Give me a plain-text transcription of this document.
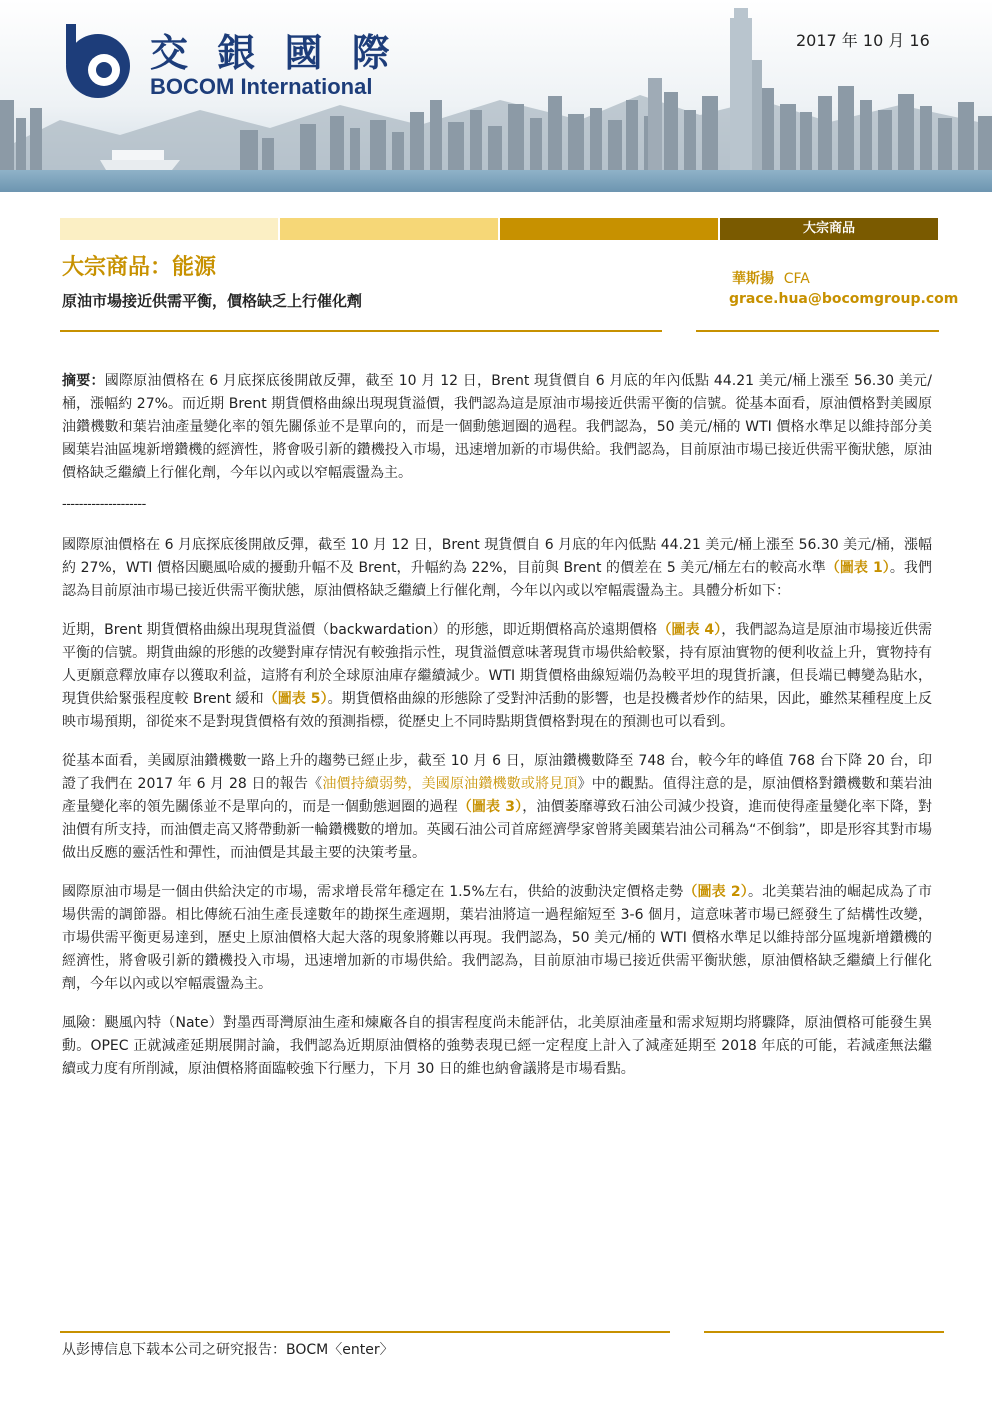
交 銀 國 際
BOCOM International
2017 年 10 月 16
大宗商品
大宗商品：能源
原油市場接近供需平衡，價格缺乏上行催化劑
華斯揚 CFA
grace.hua@bocomgroup.com

摘要：國際原油價格在 6 月底探底後開啟反彈，截至 10 月 12 日，Brent 現貨價自 6 月底的年內低點 44.21 美元/桶上漲至 56.30 美元/桶，漲幅約 27%。而近期 Brent 期貨價格曲線出現現貨溢價，我們認為這是原油市場接近供需平衡的信號。從基本面看，原油價格對美國原油鑽機數和葉岩油產量變化率的領先關係並不是單向的，而是一個動態迴圈的過程。我們認為，50 美元/桶的 WTI 價格水準足以維持部分美國葉岩油區塊新增鑽機的經濟性，將會吸引新的鑽機投入市場，迅速增加新的市場供給。我們認為，目前原油市場已接近供需平衡狀態，原油價格缺乏繼續上行催化劑，今年以內或以窄幅震盪為主。

--------------------

國際原油價格在 6 月底探底後開啟反彈，截至 10 月 12 日，Brent 現貨價自 6 月底的年內低點 44.21 美元/桶上漲至 56.30 美元/桶，漲幅約 27%，WTI 價格因颶風哈威的擾動升幅不及 Brent，升幅約為 22%，目前與 Brent 的價差在 5 美元/桶左右的較高水準（圖表 1）。我們認為目前原油市場已接近供需平衡狀態，原油價格缺乏繼續上行催化劑，今年以內或以窄幅震盪為主。具體分析如下：

近期，Brent 期貨價格曲線出現現貨溢價（backwardation）的形態，即近期價格高於遠期價格（圖表 4），我們認為這是原油市場接近供需平衡的信號。期貨曲線的形態的改變對庫存情況有較強指示性，現貨溢價意味著現貨市場供給較緊，持有原油實物的便利收益上升，實物持有人更願意釋放庫存以獲取利益，這將有利於全球原油庫存繼續減少。WTI 期貨價格曲線短端仍為較平坦的現貨折讓，但長端已轉變為貼水，現貨供給緊張程度較 Brent 緩和（圖表 5）。期貨價格曲線的形態除了受對沖活動的影響，也是投機者炒作的結果，因此，雖然某種程度上反映市場預期，卻從來不是對現貨價格有效的預測指標，從歷史上不同時點期貨價格對現在的預測也可以看到。

從基本面看，美國原油鑽機數一路上升的趨勢已經止步，截至 10 月 6 日，原油鑽機數降至 748 台，較今年的峰值 768 台下降 20 台，印證了我們在 2017 年 6 月 28 日的報告《油價持續弱勢，美國原油鑽機數或將見頂》中的觀點。值得注意的是，原油價格對鑽機數和葉岩油產量變化率的領先關係並不是單向的，而是一個動態迴圈的過程（圖表 3），油價萎靡導致石油公司減少投資，進而使得產量變化率下降，對油價有所支持，而油價走高又將帶動新一輪鑽機數的增加。英國石油公司首席經濟學家曾將美國葉岩油公司稱為“不倒翁”，即是形容其對市場做出反應的靈活性和彈性，而油價是其最主要的決策考量。

國際原油市場是一個由供給決定的市場，需求增長常年穩定在 1.5%左右，供給的波動決定價格走勢（圖表 2）。北美葉岩油的崛起成為了市場供需的調節器。相比傳統石油生產長達數年的勘探生產週期，葉岩油將這一過程縮短至 3-6 個月，這意味著市場已經發生了結構性改變，市場供需平衡更易達到，歷史上原油價格大起大落的現象將難以再現。我們認為，50 美元/桶的 WTI 價格水準足以維持部分區塊新增鑽機的經濟性，將會吸引新的鑽機投入市場，迅速增加新的市場供給。我們認為，目前原油市場已接近供需平衡狀態，原油價格缺乏繼續上行催化劑，今年以內或以窄幅震盪為主。

風險：颶風內特（Nate）對墨西哥灣原油生產和煉廠各自的損害程度尚未能評估，北美原油產量和需求短期均將驟降，原油價格可能發生異動。OPEC 正就減產延期展開討論，我們認為近期原油價格的強勢表現已經一定程度上計入了減產延期至 2018 年底的可能，若減產無法繼續或力度有所削減，原油價格將面臨較強下行壓力，下月 30 日的維也納會議將是市場看點。

从彭博信息下载本公司之研究报告：BOCM〈enter〉
